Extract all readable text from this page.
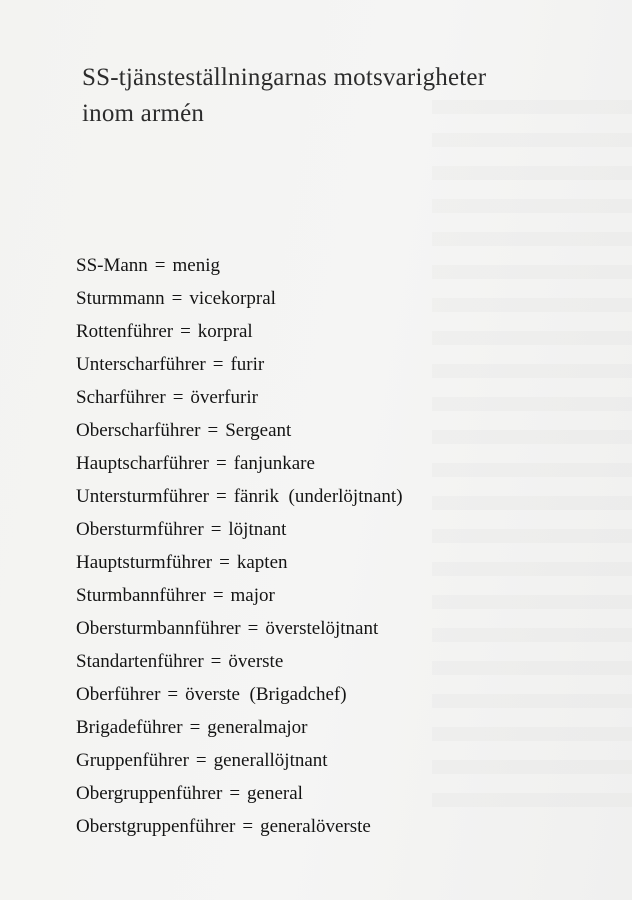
SS-tjänsteställningarnas motsvarigheter
inom armén
SS-Mann = menig
Sturmmann = vicekorpral
Rottenführer = korpral
Unterscharführer = furir
Scharführer = överfurir
Oberscharführer = Sergeant
Hauptscharführer = fanjunkare
Untersturmführer = fänrik  (underlöjtnant)
Obersturmführer = löjtnant
Hauptsturmführer = kapten
Sturmbannführer = major
Obersturmbannführer = överstelöjtnant
Standartenführer = överste
Oberführer = överste  (Brigadchef)
Brigadeführer = generalmajor
Gruppenführer = generallöjtnant
Obergruppenführer = general
Oberstgruppenführer = generalöverste
